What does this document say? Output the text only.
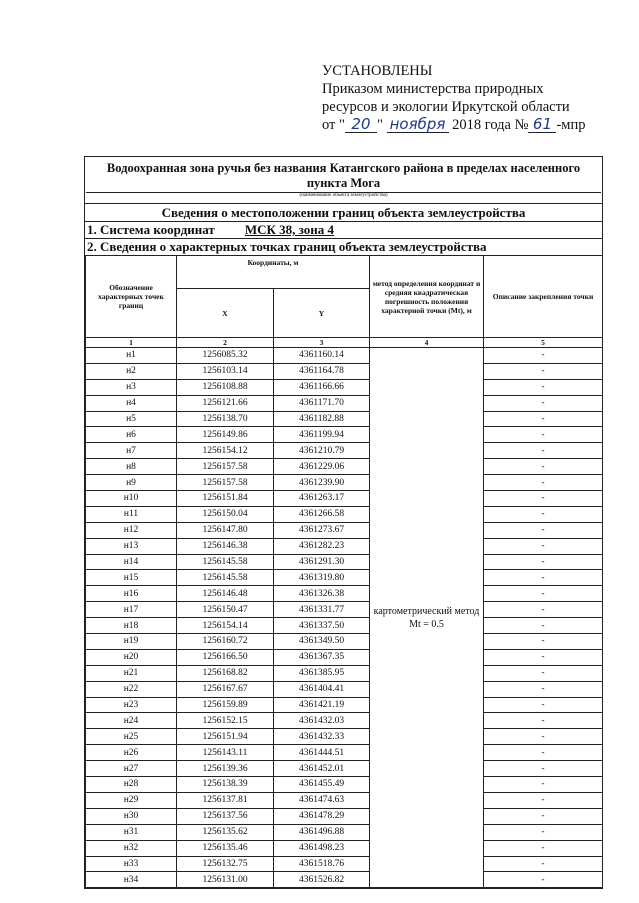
УСТАНОВЛЕНЫ
Приказом министерства природных
ресурсов и экологии Иркутской области
от " 20 " ноября 2018 года № 61 -мпр
Водоохранная зона ручья без названия Катангского района в пределах населенного пункта Мога
(наименование объекта землеустройства)
Сведения о местоположении границ объекта землеустройства
1. Система координат МСК 38, зона 4
2. Сведения о характерных точках границ объекта землеустройства
Обозначение характерных точек границ	Координаты, м		метод определения координат и средняя квадратическая погрешность положения характерной точки (Mt), м	Описание закрепления точки
	X	Y		
1	2	3	4	5
н1	1256085.32	4361160.14	картометрический метод Mt = 0.5	-
н2	1256103.14	4361164.78		-
н3	1256108.88	4361166.66		-
н4	1256121.66	4361171.70		-
н5	1256138.70	4361182.88		-
н6	1256149.86	4361199.94		-
н7	1256154.12	4361210.79		-
н8	1256157.58	4361229.06		-
н9	1256157.58	4361239.90		-
н10	1256151.84	4361263.17		-
н11	1256150.04	4361266.58		-
н12	1256147.80	4361273.67		-
н13	1256146.38	4361282.23		-
н14	1256145.58	4361291.30		-
н15	1256145.58	4361319.80		-
н16	1256146.48	4361326.38		-
н17	1256150.47	4361331.77		-
н18	1256154.14	4361337.50		-
н19	1256160.72	4361349.50		-
н20	1256166.50	4361367.35		-
н21	1256168.82	4361385.95		-
н22	1256167.67	4361404.41		-
н23	1256159.89	4361421.19		-
н24	1256152.15	4361432.03		-
н25	1256151.94	4361432.33		-
н26	1256143.11	4361444.51		-
н27	1256139.36	4361452.01		-
н28	1256138.39	4361455.49		-
н29	1256137.81	4361474.63		-
н30	1256137.56	4361478.29		-
н31	1256135.62	4361496.88		-
н32	1256135.46	4361498.23		-
н33	1256132.75	4361518.76		-
н34	1256131.00	4361526.82		-
